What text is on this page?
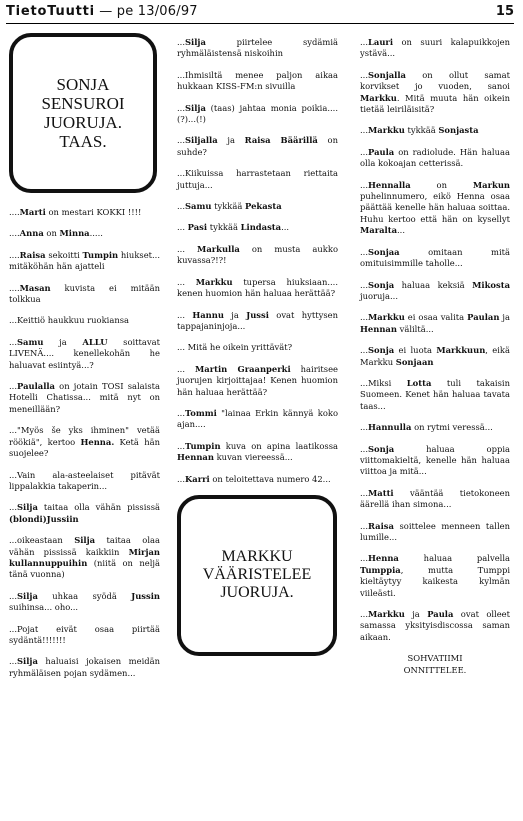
TietoTuutti — pe 13/06/97	15
SONJA
SENSUROI
JUORUJA.
TAAS.
....Marti on mestari KOKKI !!!!
....Anna on Minna.....
....Raisa sekoitti Tumpin hiukset... mitäköhän hän ajatteli
....Masan kuvista ei mitään tolkkua
...Keittiö haukkuu ruokiansa
...Samu ja ALLU soittavat LIVENÄ.... kenellekohän he haluavat esiintyä...?
...Paulalla on jotain TOSI salaista Hotelli Chatissa... mitä nyt on meneillään?
..."Myös še yks ihminen" vetää röökiä", kertoo Henna. Ketä hän suojelee?
...Vain ala-asteelaiset pitävät lippalakkia takaperin...
...Silja taitaa olla vähän pississä (blondi)Jussiin
...oikeastaan Silja taitaa olaa vähän pississä kaikkiin Mirjan kullannuppuihin (niitä on neljä tänä vuonna)
...Silja uhkaa syödä Jussin suihinsa... oho...
...Pojat eivät osaa piirtää sydäntä!!!!!!!
...Silja haluaisi jokaisen meidän ryhmäläisen pojan sydämen...
...Silja piirtelee sydämiä ryhmäläistensä niskoihin
...Ihmisiltä menee paljon aikaa hukkaan KISS-FM:n sivuilla
...Silja (taas) jahtaa monia poikia....(?)...(!)
...Siljalla ja Raisa Bäärillä on suhde?
...Kiikuissa harrastetaan riettaita juttuja...
...Samu tykkää Pekasta
... Pasi tykkää Lindasta...
... Markulla on musta aukko kuvassa?!?!
... Markku tupersa hiuksiaan.... kenen huomion hän haluaa herättää?
... Hannu ja Jussi ovat hyttysen tappajaninjoja...
... Mitä he oikein yrittävät?
... Martin Graanperki hairitsee juorujen kirjoittajaa! Kenen huomion hän haluaa herättää?
...Tommi "lainaa Erkin kännyä koko ajan....
...Tumpin kuva on apina laatikossa Hennan kuvan viereessä...
...Karri on teloitettava numero 42...
MARKKU
VÄÄRISTELEE
JUORUJA.
...Lauri on suuri kalapuikkojen ystävä...
...Sonjalla on ollut samat korvikset jo vuoden, sanoi Markku. Mitä muuta hän oikein tietää leiriläisitä?
...Markku tykkää Sonjasta
...Paula on radiolude. Hän haluaa olla kokoajan cetterissä.
...Hennalla on Markun puhelinnumero, eikö Henna osaa päättää kenelle hän haluaa soittaa. Huhu kertoo että hän on kysellyt Maralta...
...Sonjaa omitaan mitä omituisimmille taholle...
...Sonja haluaa keksiä Mikosta juoruja...
...Markku ei osaa valita Paulan ja Hennan väliltä...
...Sonja ei luota Markkuun, eikä Markku Sonjaan
...Miksi Lotta tuli takaisin Suomeen. Kenet hän haluaa tavata taas...
...Hannulla on rytmi veressä...
...Sonja haluaa oppia viittomakieltä, kenelle hän haluaa viittoa ja mitä...
...Matti vääntää tietokoneen äärellä ihan simona...
...Raisa soittelee menneen tallen lumille...
...Henna haluaa palvella Tumppia, mutta Tumppi kieltäytyy kaikesta kylmän viileästi.
...Markku ja Paula ovat olleet samassa yksityisdiscossa saman aikaan.
SOHVATIIMI
ONNITTELEE.
